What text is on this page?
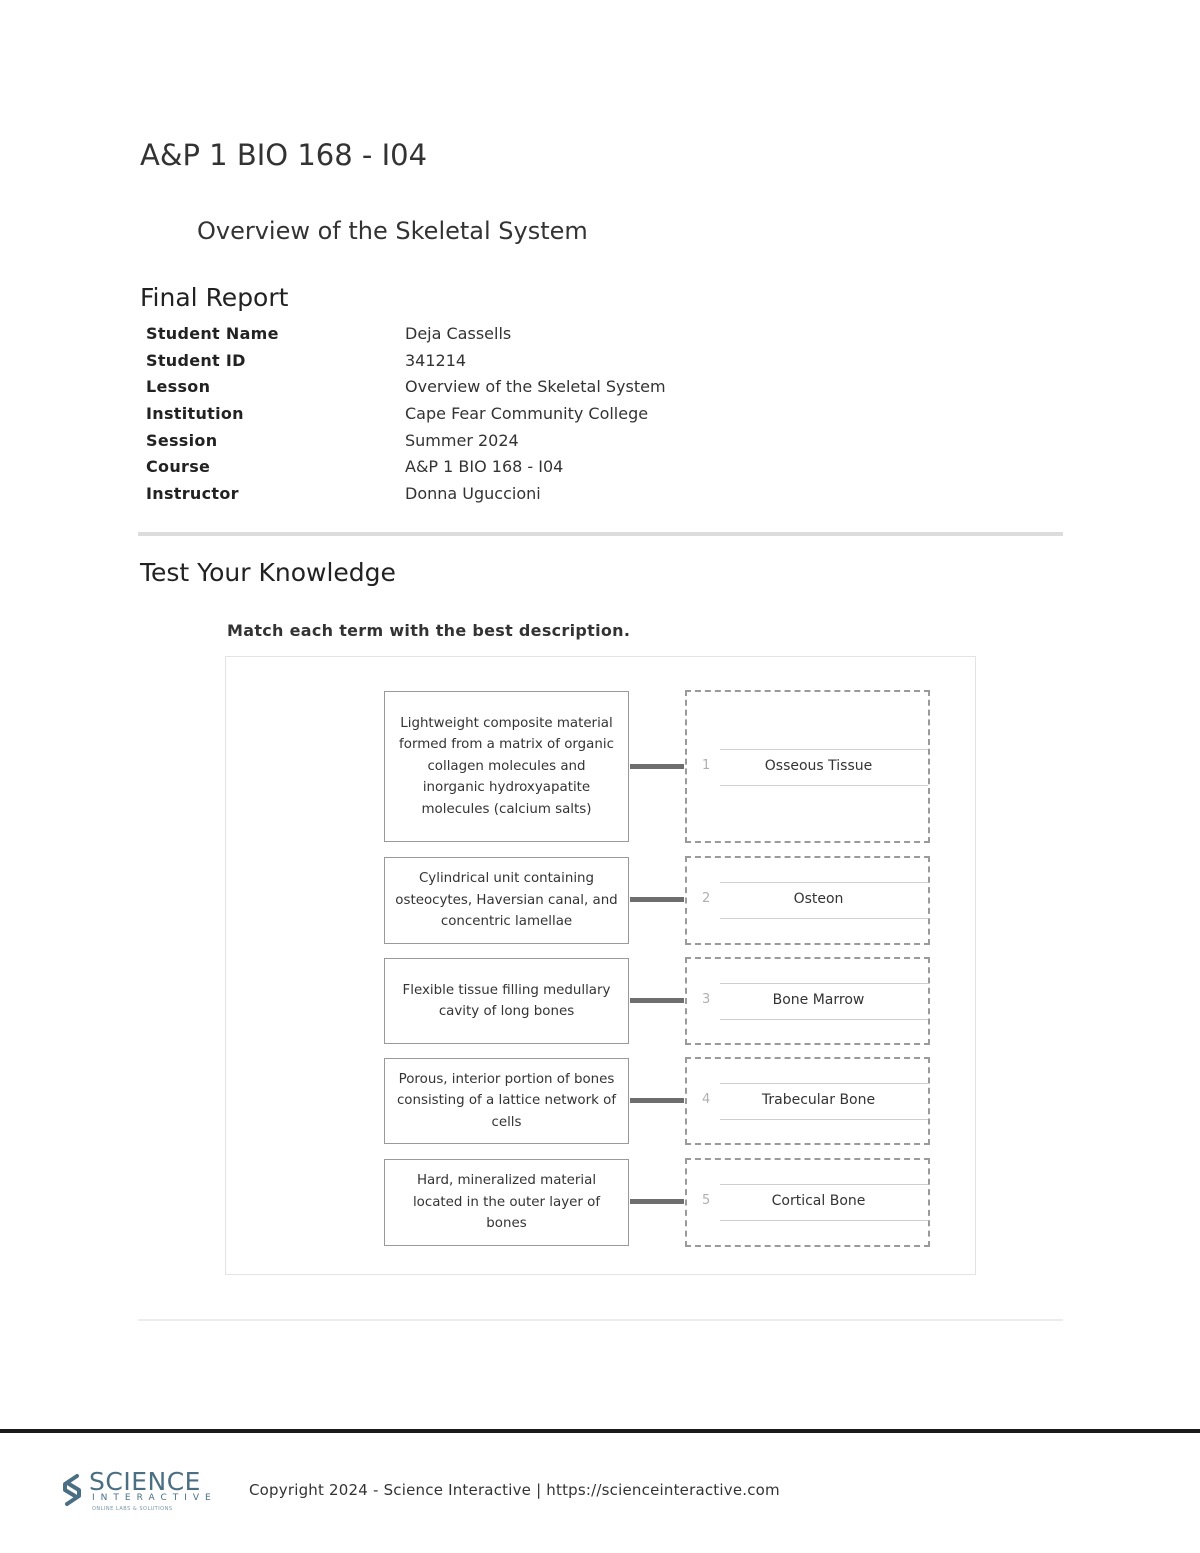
A&P 1 BIO 168 - I04
Overview of the Skeletal System
Final Report
Student Name	Deja Cassells
Student ID	341214
Lesson	Overview of the Skeletal System
Institution	Cape Fear Community College
Session	Summer 2024
Course	A&P 1 BIO 168 - I04
Instructor	Donna Uguccioni
Test Your Knowledge
Match each term with the best description.
Lightweight composite material formed from a matrix of organic collagen molecules and inorganic hydroxyapatite molecules (calcium salts)
1	Osseous Tissue
Cylindrical unit containing osteocytes, Haversian canal, and concentric lamellae
2	Osteon
Flexible tissue filling medullary cavity of long bones
3	Bone Marrow
Porous, interior portion of bones consisting of a lattice network of cells
4	Trabecular Bone
Hard, mineralized material located in the outer layer of bones
5	Cortical Bone
SCIENCE
INTERACTIVE
ONLINE LABS & SOLUTIONS
Copyright 2024 - Science Interactive | https://scienceinteractive.com
